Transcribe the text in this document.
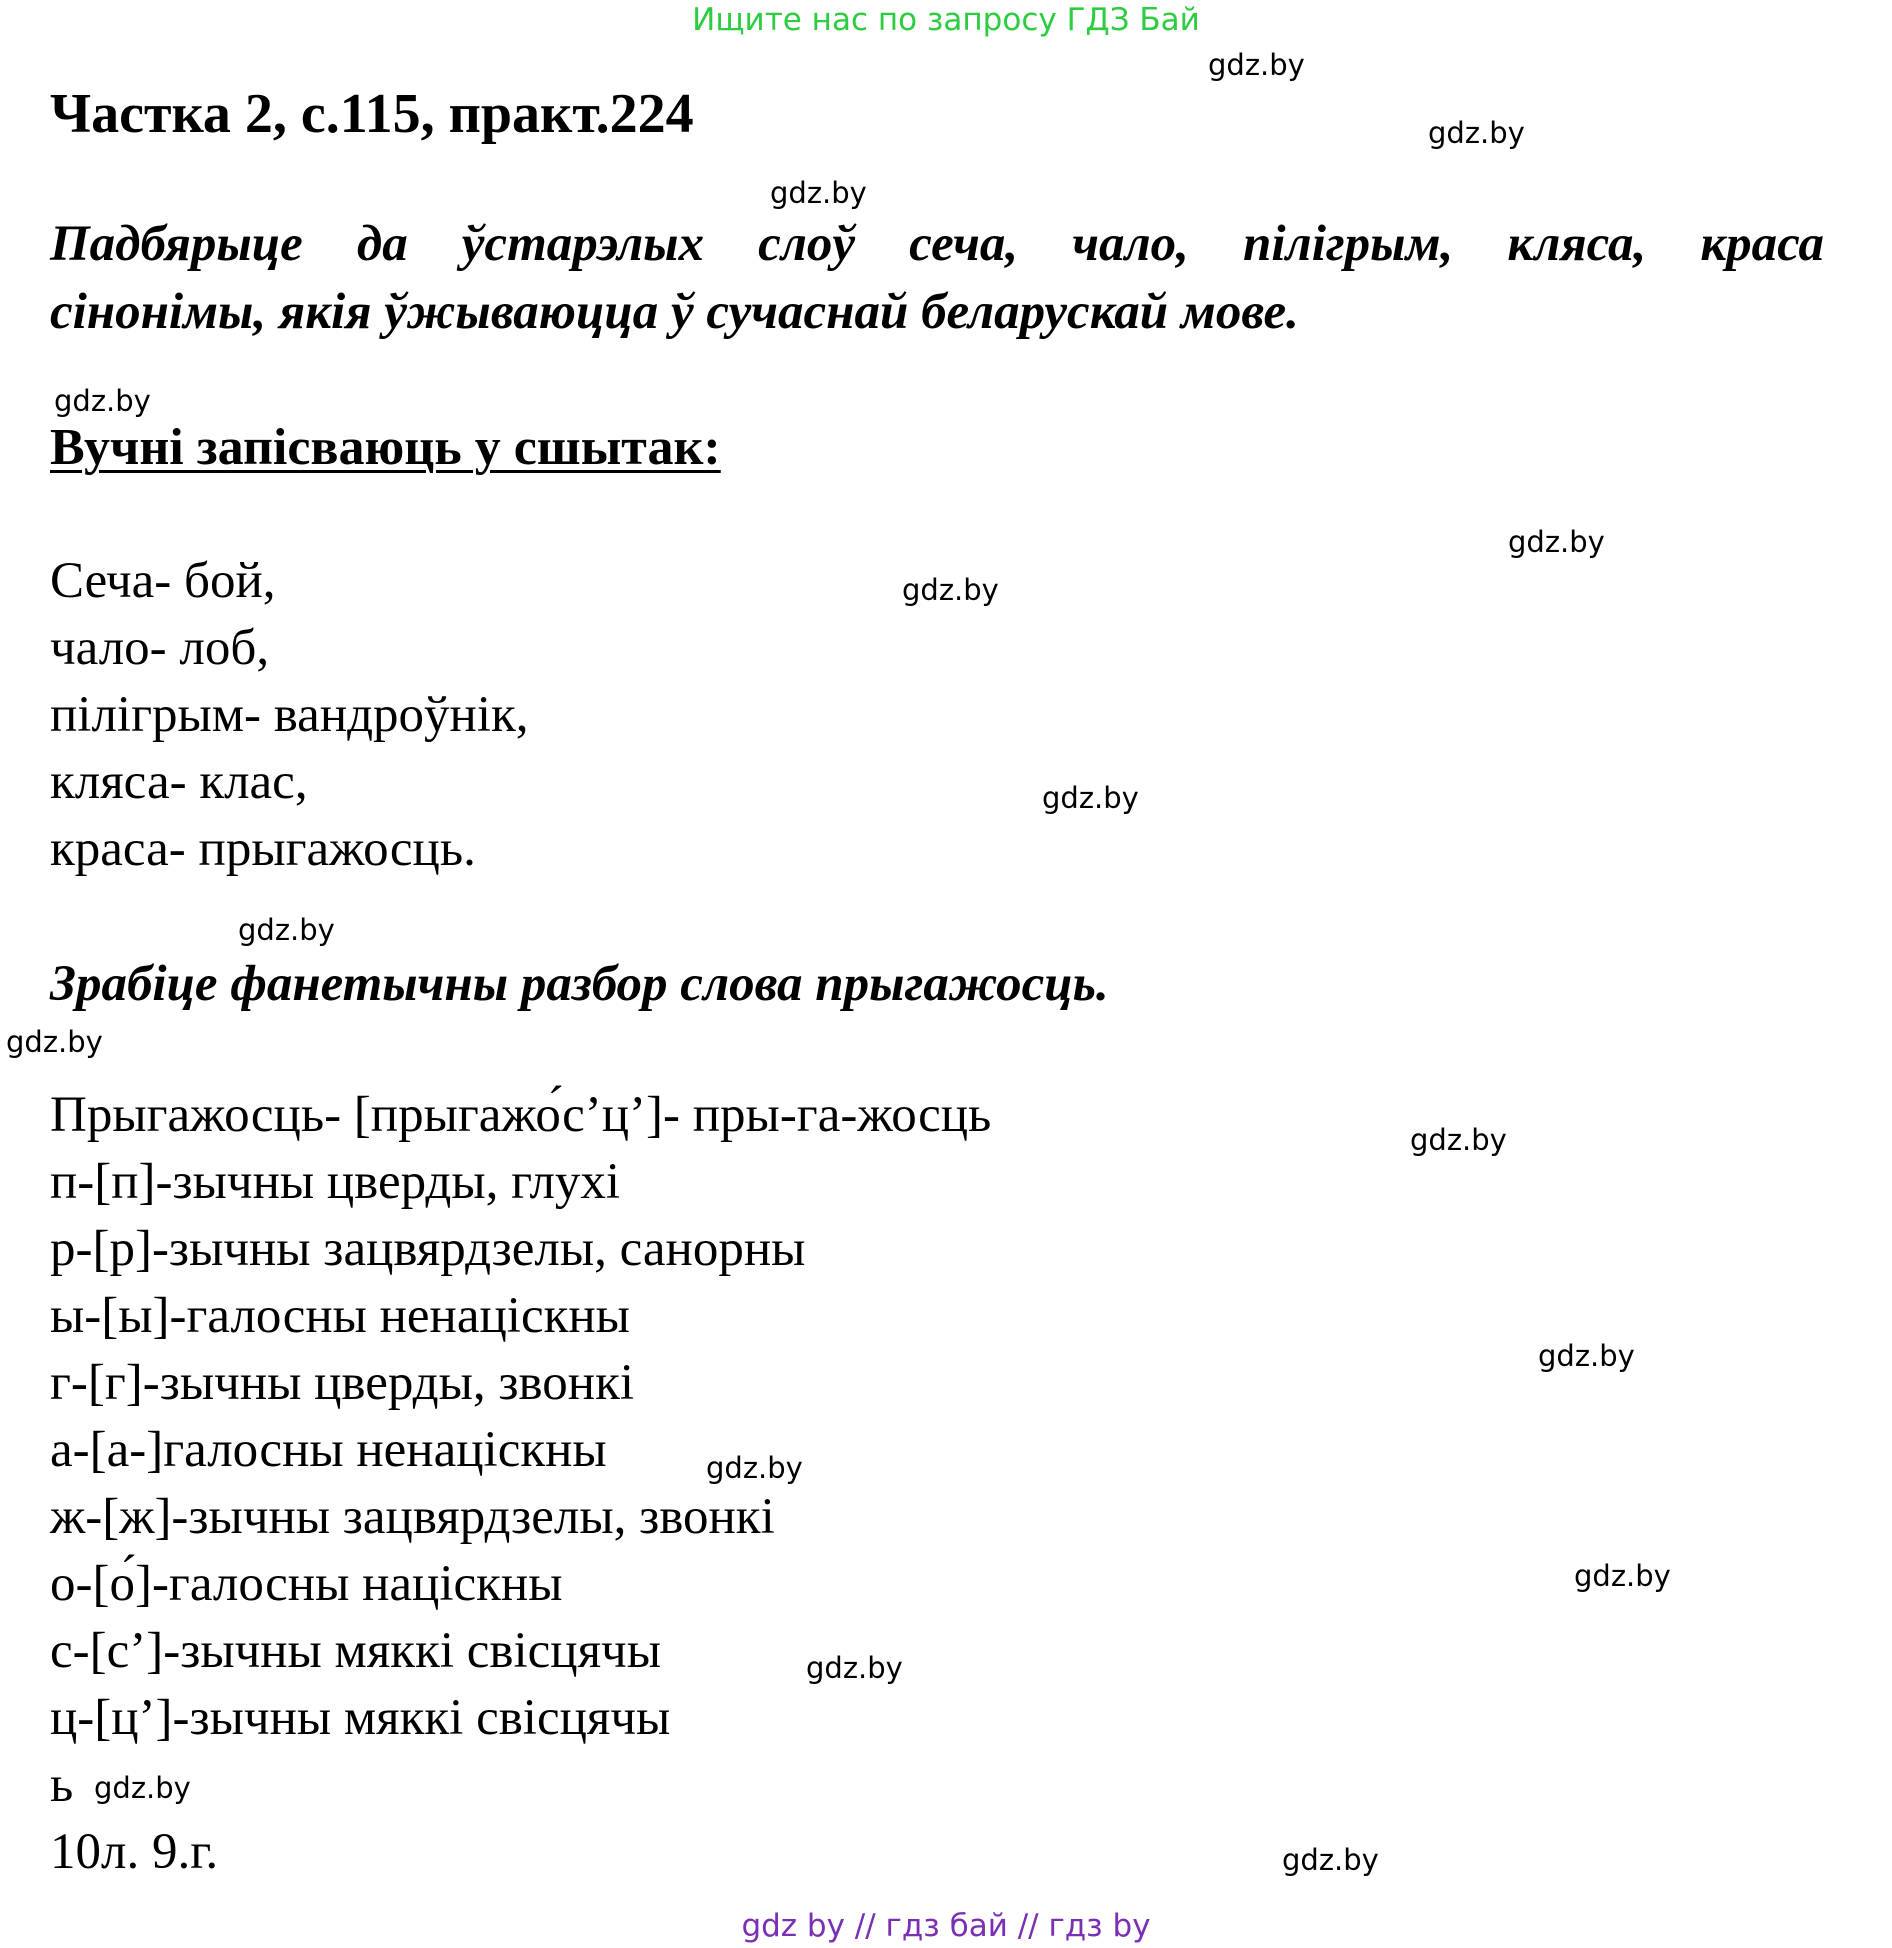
Ищите нас по запросу ГДЗ Бай
Частка 2, с.115, практ.224
Падбярыце да ўстарэлых слоў сеча, чало, пілігрым, кляса, краса
сінонімы, якія ўжываюцца ў сучаснай беларускай мове.
Вучні запісваюць у сшытак:
Сеча- бой,
чало- лоб,
пілігрым- вандроўнік,
кляса- клас,
краса- прыгажосць.
Зрабіце фанетычны разбор слова прыгажосць.
Прыгажосць- [прыгажо́с’ц’]- пры-га-жосць
п-[п]-зычны цверды, глухі
р-[р]-зычны зацвярдзелы, санорны
ы-[ы]-галосны ненаціскны
г-[г]-зычны цверды, звонкі
а-[а-]галосны ненаціскны
ж-[ж]-зычны зацвярдзелы, звонкі
о-[о́]-галосны націскны
с-[с’]-зычны мяккі свісцячы
ц-[ц’]-зычны мяккі свісцячы
ь
10л. 9.г.
gdz.by
gdz.by
gdz.by
gdz.by
gdz.by
gdz.by
gdz.by
gdz.by
gdz.by
gdz.by
gdz.by
gdz.by
gdz.by
gdz.by
gdz.by
gdz.by
gdz by // гдз бай // гдз by
